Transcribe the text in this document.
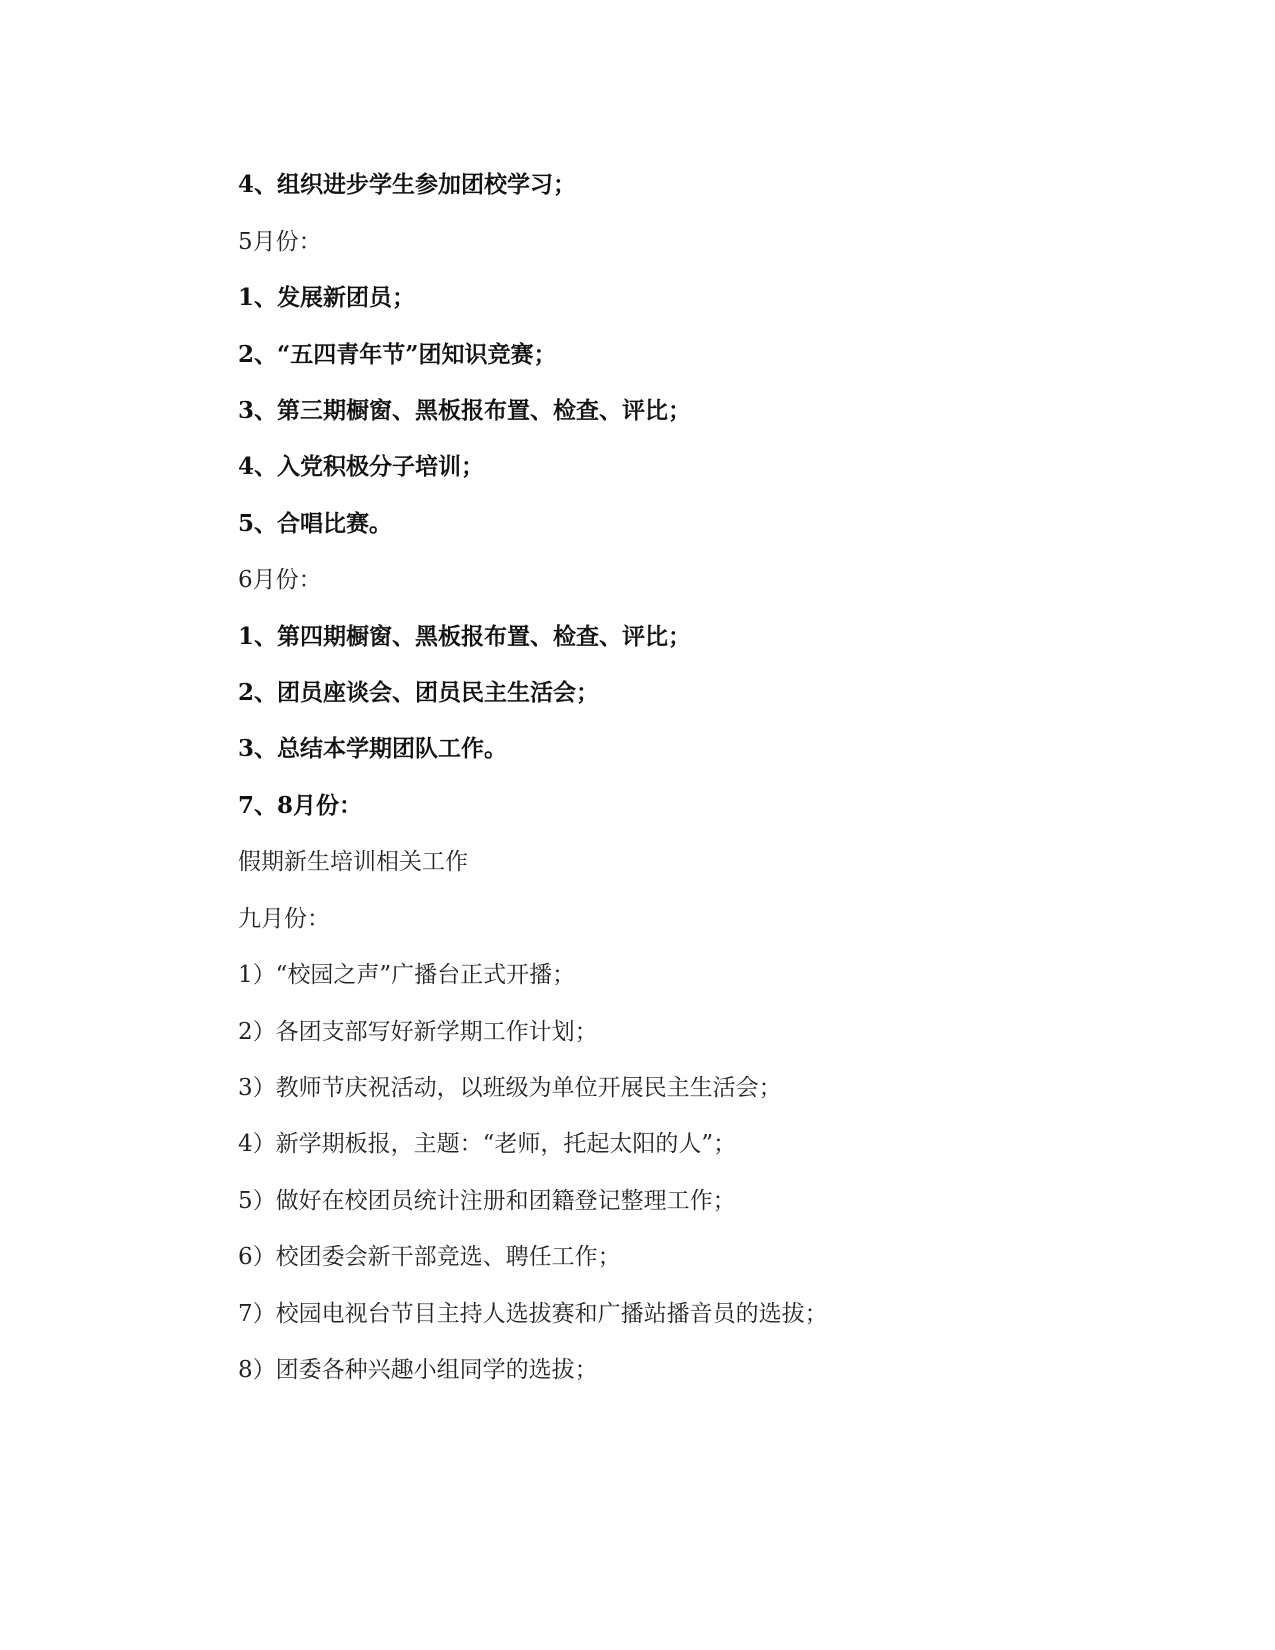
4、组织进步学生参加团校学习；
5月份：
1、发展新团员；
2、“五四青年节”团知识竞赛；
3、第三期橱窗、黑板报布置、检查、评比；
4、入党积极分子培训；
5、合唱比赛。
6月份：
1、第四期橱窗、黑板报布置、检查、评比；
2、团员座谈会、团员民主生活会；
3、总结本学期团队工作。
7、8月份：
假期新生培训相关工作
九月份：
1）“校园之声”广播台正式开播；
2）各团支部写好新学期工作计划；
3）教师节庆祝活动，以班级为单位开展民主生活会；
4）新学期板报，主题：“老师，托起太阳的人”；
5）做好在校团员统计注册和团籍登记整理工作；
6）校团委会新干部竞选、聘任工作；
7）校园电视台节目主持人选拔赛和广播站播音员的选拔；
8）团委各种兴趣小组同学的选拔；
